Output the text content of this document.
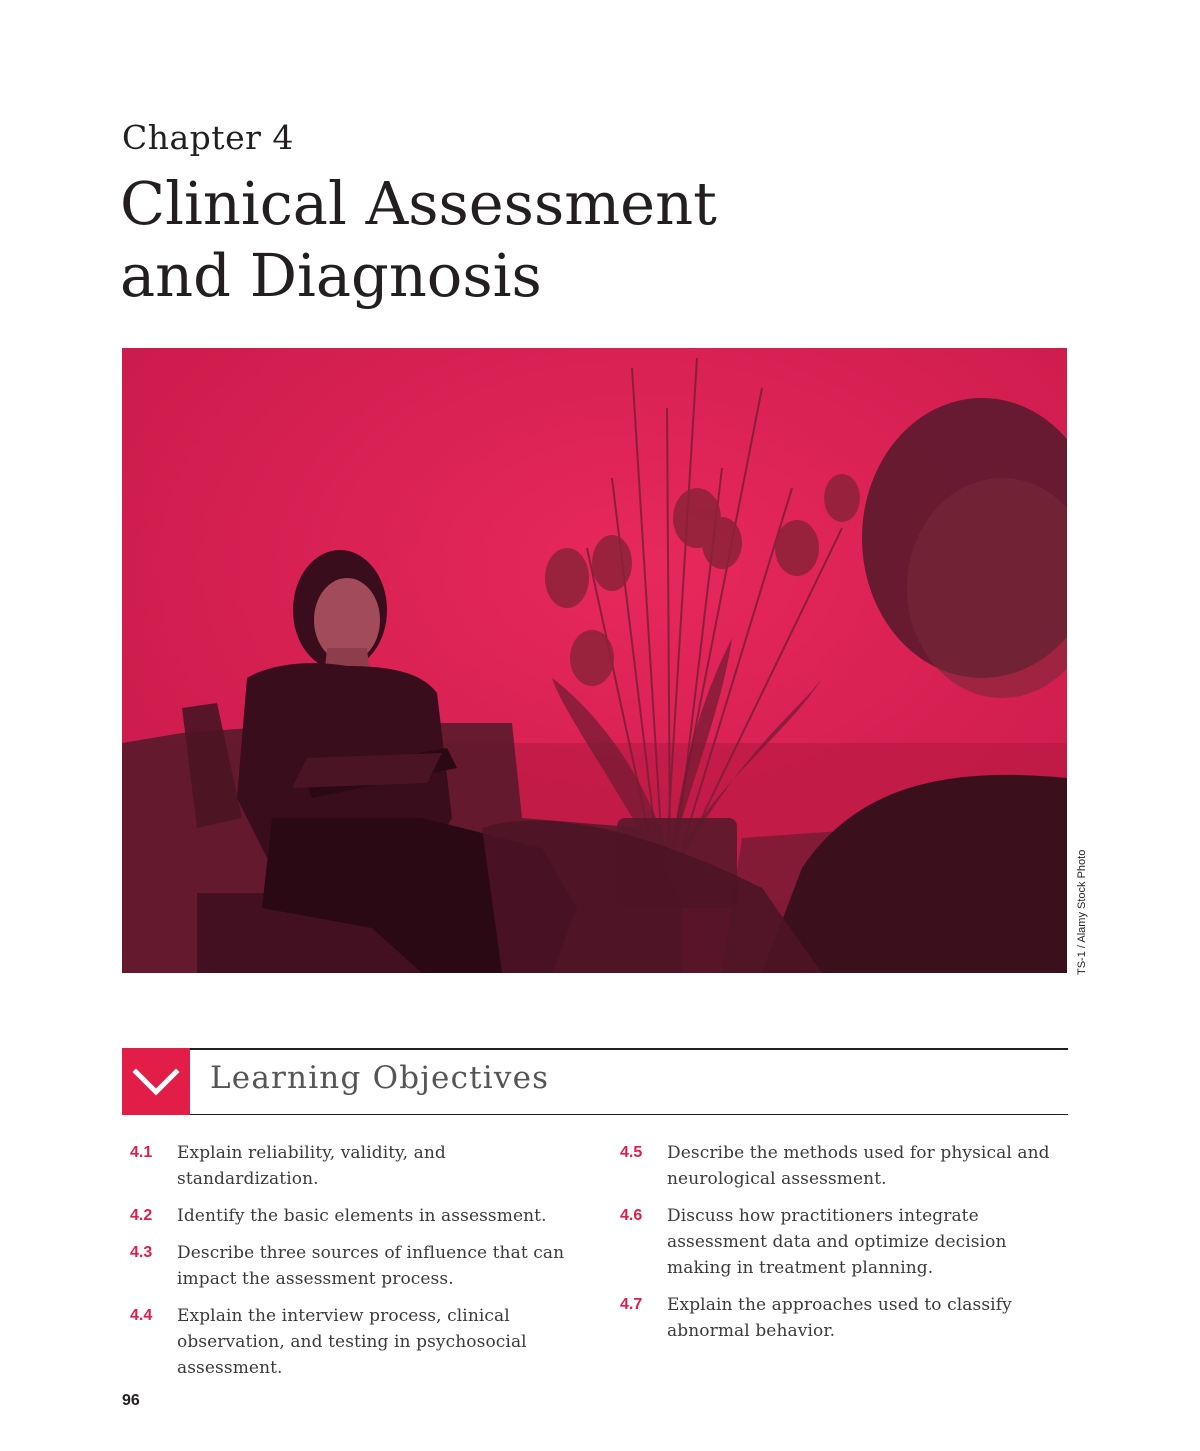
Chapter 4
Clinical Assessment
and Diagnosis
TS-1 / Alamy Stock Photo
Learning Objectives
4.1	Explain reliability, validity, and standardization.
4.2	Identify the basic elements in assessment.
4.3	Describe three sources of influence that can impact the assessment process.
4.4	Explain the interview process, clinical observation, and testing in psychosocial assessment.
4.5	Describe the methods used for physical and neurological assessment.
4.6	Discuss how practitioners integrate assessment data and optimize decision making in treatment planning.
4.7	Explain the approaches used to classify abnormal behavior.
96
